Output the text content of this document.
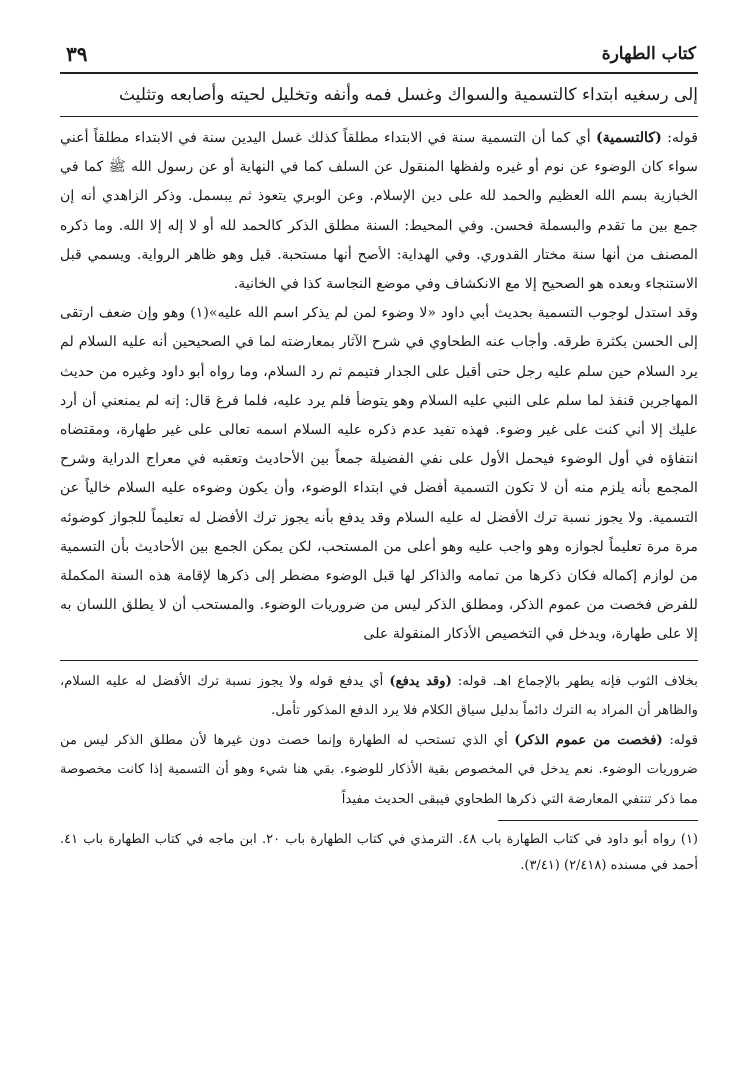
كتاب الطهارة
٣٩
إلى رسغيه ابتداء كالتسمية والسواك وغسل فمه وأنفه وتخليل لحيته وأصابعه وتثليث

قوله: (كالتسمية) أي كما أن التسمية سنة في الابتداء مطلقاً كذلك غسل اليدين سنة في الابتداء مطلقاً أعني سواء كان الوضوء عن نوم أو غيره ولفظها المنقول عن السلف كما في النهاية أو عن رسول الله ﷺ كما في الخبازية بسم الله العظيم والحمد لله على دين الإسلام. وعن الوبري يتعوذ ثم يبسمل. وذكر الزاهدي أنه إن جمع بين ما تقدم والبسملة فحسن. وفي المحيط: السنة مطلق الذكر كالحمد لله أو لا إله إلا الله. وما ذكره المصنف من أنها سنة مختار القدوري. وفي الهداية: الأصح أنها مستحبة. قيل وهو ظاهر الرواية. ويسمي قبل الاستنجاء وبعده هو الصحيح إلا مع الانكشاف وفي موضع النجاسة كذا في الخانية.

وقد استدل لوجوب التسمية بحديث أبي داود «لا وضوء لمن لم يذكر اسم الله عليه»(١) وهو وإن ضعف ارتقى إلى الحسن بكثرة طرقه. وأجاب عنه الطحاوي في شرح الآثار بمعارضته لما في الصحيحين أنه عليه السلام لم يرد السلام حين سلم عليه رجل حتى أقبل على الجدار فتيمم ثم رد السلام، وما رواه أبو داود وغيره من حديث المهاجرين قنفذ لما سلم على النبي عليه السلام وهو يتوضأ فلم يرد عليه، فلما فرغ قال: إنه لم يمنعني أن أرد عليك إلا أني كنت على غير وضوء. فهذه تفيد عدم ذكره عليه السلام اسمه تعالى على غير طهارة، ومقتضاه انتفاؤه في أول الوضوء فيحمل الأول على نفي الفضيلة جمعاً بين الأحاديث وتعقبه في معراج الدراية وشرح المجمع بأنه يلزم منه أن لا تكون التسمية أفضل في ابتداء الوضوء، وأن يكون وضوءه عليه السلام خالياً عن التسمية. ولا يجوز نسبة ترك الأفضل له عليه السلام وقد يدفع بأنه يجوز ترك الأفضل له تعليماً للجواز كوضوئه مرة مرة تعليماً لجوازه وهو واجب عليه وهو أعلى من المستحب، لكن يمكن الجمع بين الأحاديث بأن التسمية من لوازم إكماله فكان ذكرها من تمامه والذاكر لها قبل الوضوء مضطر إلى ذكرها لإقامة هذه السنة المكملة للفرض فخصت من عموم الذكر، ومطلق الذكر ليس من ضروريات الوضوء. والمستحب أن لا يطلق اللسان به إلا على طهارة، ويدخل في التخصيص الأذكار المنقولة على

بخلاف الثوب فإنه يطهر بالإجماع اهـ. قوله: (وقد يدفع) أي يدفع قوله ولا يجوز نسبة ترك الأفضل له عليه السلام، والظاهر أن المراد به الترك دائماً بدليل سياق الكلام فلا يرد الدفع المذكور تأمل.

قوله: (فخصت من عموم الذكر) أي الذي تستحب له الطهارة وإنما خصت دون غيرها لأن مطلق الذكر ليس من ضروريات الوضوء. نعم يدخل في المخصوص بقية الأذكار للوضوء. بقي هنا شيء وهو أن التسمية إذا كانت مخصوصة مما ذكر تنتفي المعارضة التي ذكرها الطحاوي فيبقى الحديث مفيداً

(١) رواه أبو داود في كتاب الطهارة باب ٤٨. الترمذي في كتاب الطهارة باب ٢٠. ابن ماجه في كتاب الطهارة باب ٤١. أحمد في مسنده (٢/٤١٨) (٣/٤١).
